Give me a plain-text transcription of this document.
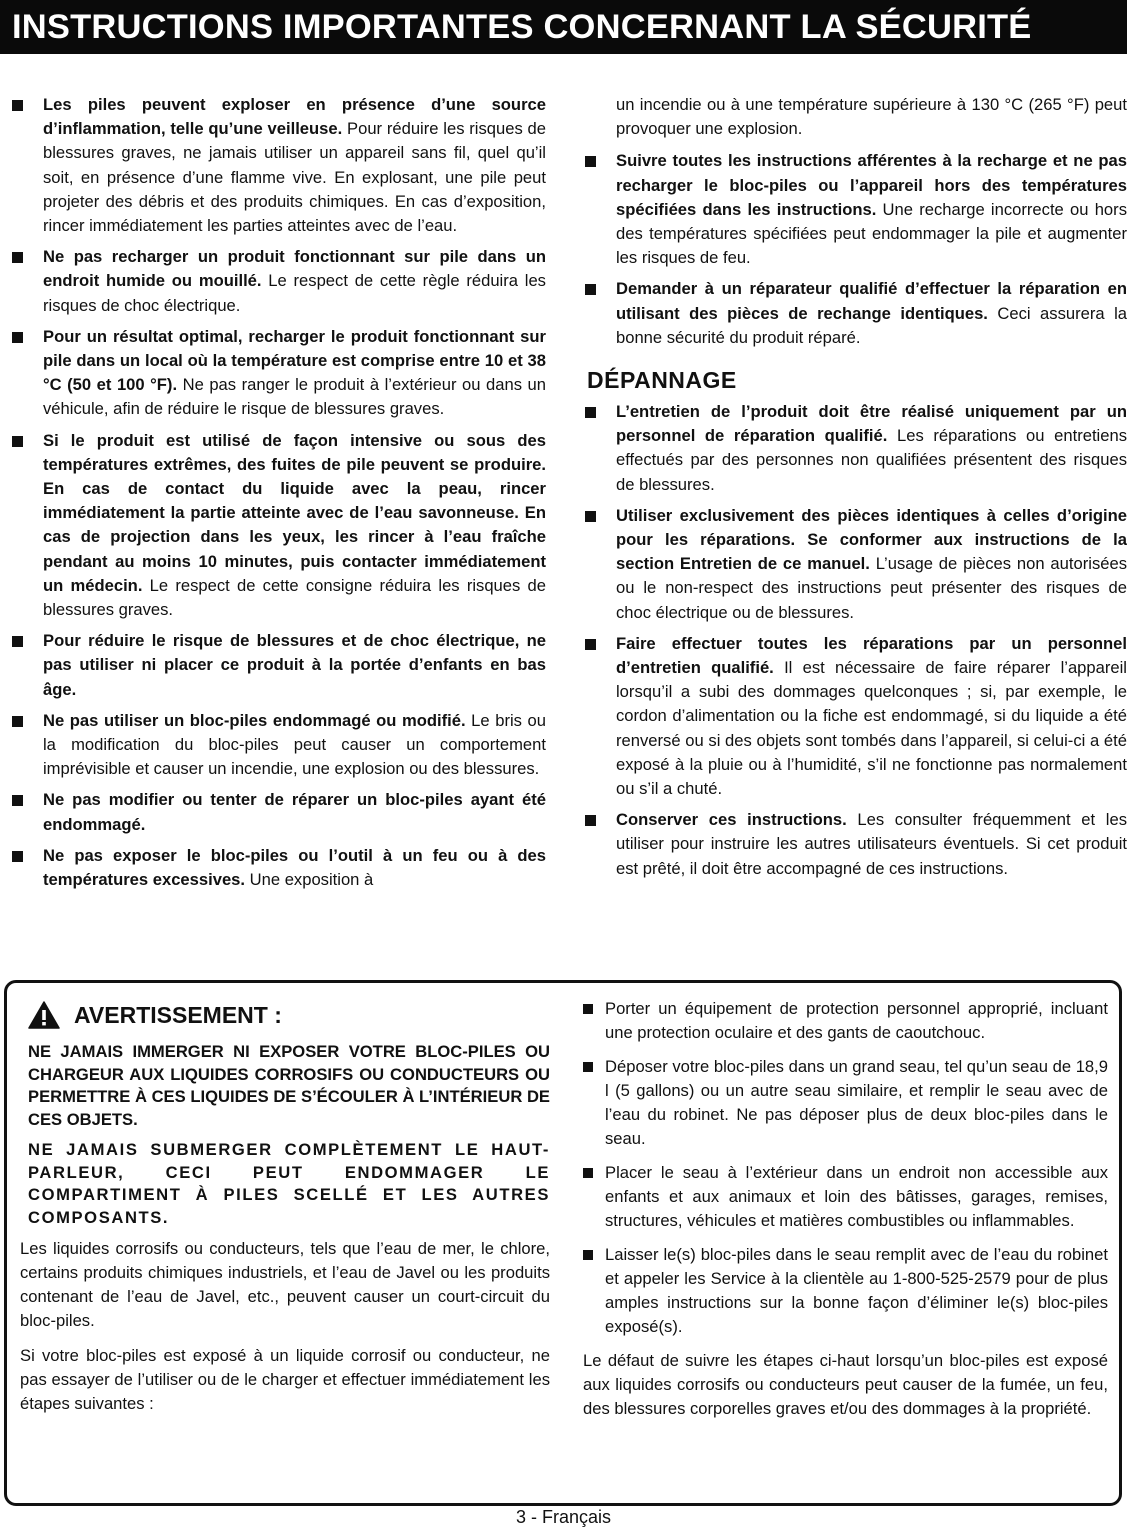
INSTRUCTIONS IMPORTANTES CONCERNANT LA SÉCURITÉ
Les piles peuvent exploser en présence d’une source d’inflammation, telle qu’une veilleuse. Pour réduire les risques de blessures graves, ne jamais utiliser un appareil sans fil, quel qu’il soit, en présence d’une flamme vive. En explosant, une pile peut projeter des débris et des produits chimiques. En cas d’exposition, rincer immédiatement les parties atteintes avec de l’eau.
Ne pas recharger un produit fonctionnant sur pile dans un endroit humide ou mouillé. Le respect de cette règle réduira les risques de choc électrique.
Pour un résultat optimal, recharger le produit fonctionnant sur pile dans un local où la température est comprise entre 10 et 38 °C (50 et 100 °F). Ne pas ranger le produit à l’extérieur ou dans un véhicule, afin de réduire le risque de blessures graves.
Si le produit est utilisé de façon intensive ou sous des températures extrêmes, des fuites de pile peuvent se produire. En cas de contact du liquide avec la peau, rincer immédiatement la partie atteinte avec de l’eau savonneuse. En cas de projection dans les yeux, les rincer à l’eau fraîche pendant au moins 10 minutes, puis contacter immédiatement un médecin. Le respect de cette consigne réduira les risques de blessures graves.
Pour réduire le risque de blessures et de choc électrique, ne pas utiliser ni placer ce produit à la portée d’enfants en bas âge.
Ne pas utiliser un bloc-piles endommagé ou modifié. Le bris ou la modification du bloc-piles peut causer un comportement imprévisible et causer un incendie, une explosion ou des blessures.
Ne pas modifier ou tenter de réparer un bloc-piles ayant été endommagé.
Ne pas exposer le bloc-piles ou l’outil à un feu ou à des températures excessives. Une exposition à
un incendie ou à une température supérieure à 130 °C (265 °F) peut provoquer une explosion.
Suivre toutes les instructions afférentes à la recharge et ne pas recharger le bloc-piles ou l’appareil hors des températures spécifiées dans les instructions. Une recharge incorrecte ou hors des températures spécifiées peut endommager la pile et augmenter les risques de feu.
Demander à un réparateur qualifié d’effectuer la réparation en utilisant des pièces de rechange identiques. Ceci assurera la bonne sécurité du produit réparé.
DÉPANNAGE
L’entretien de l’produit doit être réalisé uniquement par un personnel de réparation qualifié. Les réparations ou entretiens effectués par des personnes non qualifiées présentent des risques de blessures.
Utiliser exclusivement des pièces identiques à celles d’origine pour les réparations. Se conformer aux instructions de la section Entretien de ce manuel. L’usage de pièces non autorisées ou le non-respect des instructions peut présenter des risques de choc électrique ou de blessures.
Faire effectuer toutes les réparations par un personnel d’entretien qualifié. Il est nécessaire de faire réparer l’appareil lorsqu’il a subi des dommages quelconques ; si, par exemple, le cordon d’alimentation ou la fiche est endommagé, si du liquide a été renversé ou si des objets sont tombés dans l’appareil, si celui-ci a été exposé à la pluie ou à l’humidité, s’il ne fonctionne pas normalement ou s’il a chuté.
Conserver ces instructions. Les consulter fréquemment et les utiliser pour instruire les autres utilisateurs éventuels. Si cet produit est prêté, il doit être accompagné de ces instructions.
AVERTISSEMENT :
NE JAMAIS IMMERGER NI EXPOSER VOTRE BLOC-PILES OU CHARGEUR AUX LIQUIDES CORROSIFS OU CONDUCTEURS OU PERMETTRE À CES LIQUIDES DE S’ÉCOULER À L’INTÉRIEUR DE CES OBJETS.
NE JAMAIS SUBMERGER COMPLÈTEMENT LE HAUT-PARLEUR, CECI PEUT ENDOMMAGER LE COMPARTIMENT À PILES SCELLÉ ET LES AUTRES COMPOSANTS.
Les liquides corrosifs ou conducteurs, tels que l’eau de mer, le chlore, certains produits chimiques industriels, et l’eau de Javel ou les produits contenant de l’eau de Javel, etc., peuvent causer un court-circuit du bloc-piles.
Si votre bloc-piles est exposé à un liquide corrosif ou conducteur, ne pas essayer de l’utiliser ou de le charger et effectuer immédiatement les étapes suivantes :
Porter un équipement de protection personnel approprié, incluant une protection oculaire et des gants de caoutchouc.
Déposer votre bloc-piles dans un grand seau, tel qu’un seau de 18,9 l (5 gallons) ou un autre seau similaire, et remplir le seau avec de l’eau du robinet. Ne pas déposer plus de deux bloc-piles dans le seau.
Placer le seau à l’extérieur dans un endroit non accessible aux enfants et aux animaux et loin des bâtisses, garages, remises, structures, véhicules et matières combustibles ou inflammables.
Laisser le(s) bloc-piles dans le seau remplit avec de l’eau du robinet et appeler les Service à la clientèle au 1-800-525-2579 pour de plus amples instructions sur la bonne façon d’éliminer le(s) bloc-piles exposé(s).
Le défaut de suivre les étapes ci-haut lorsqu’un bloc-piles est exposé aux liquides corrosifs ou conducteurs peut causer de la fumée, un feu, des blessures corporelles graves et/ou des dommages à la propriété.
3 - Français
